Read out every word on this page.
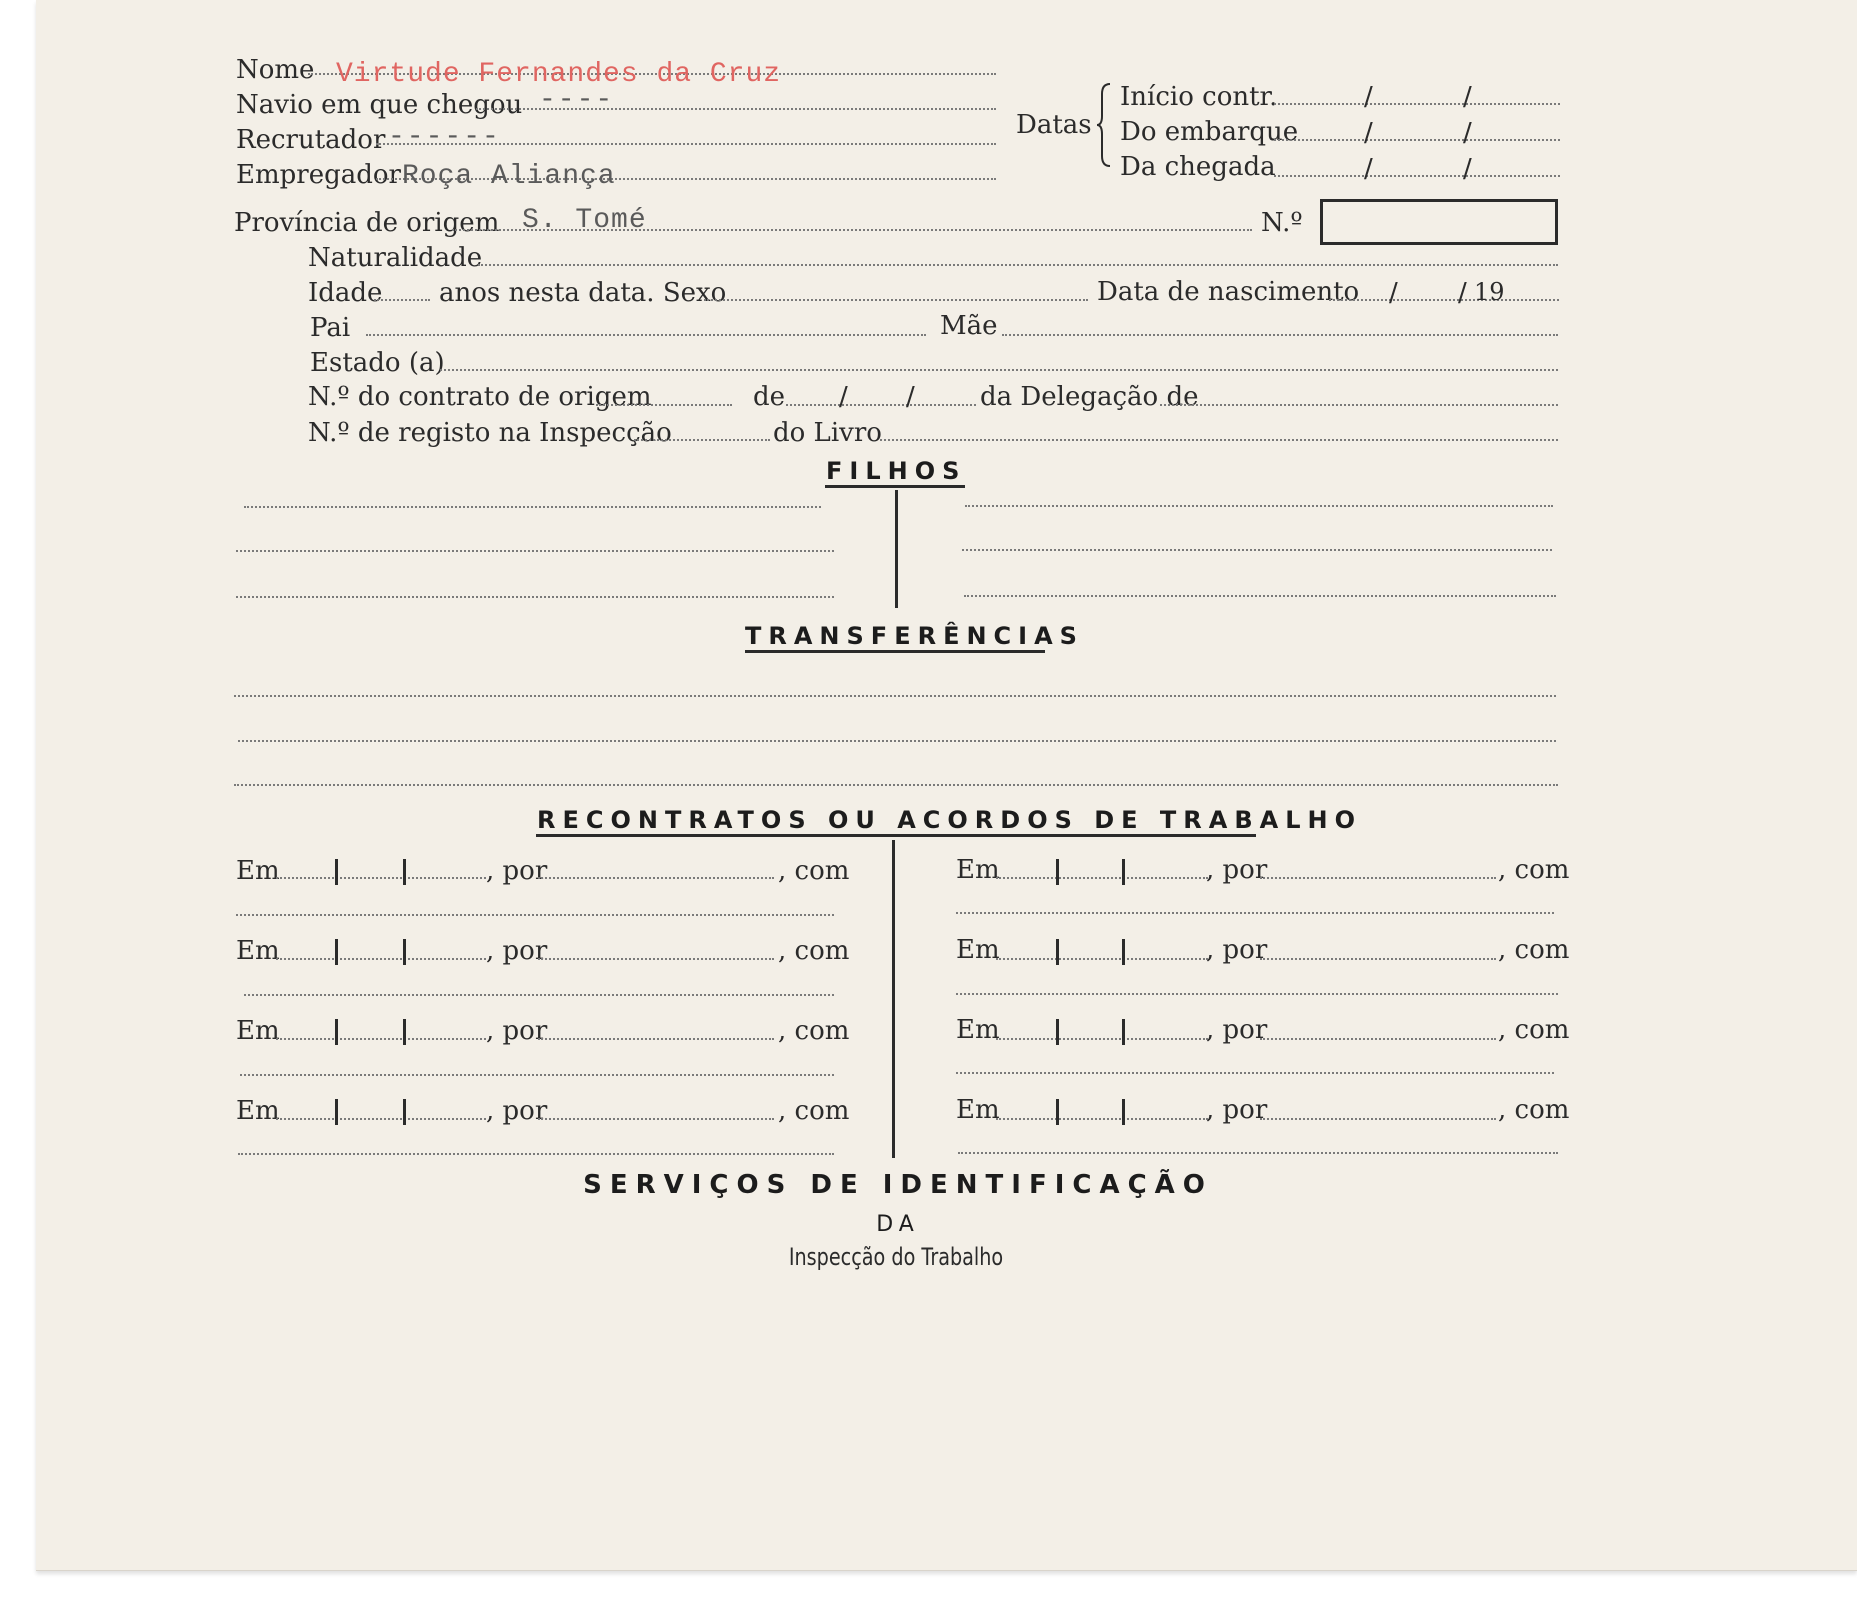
Nome Virtude Fernandes da Cruz
Navio em que chegou ----
Recrutador ------
Empregador Roça Aliança
Datas
Início contr.	/	/
Do embarque	/	/
Da chegada	/	/
Província de origem S. Tomé	N.º
Naturalidade
Idade anos nesta data. Sexo	Data de nascimento / / 19
Pai	Mãe
Estado (a)
N.º do contrato de origem	de / /	da Delegação de
N.º de registo na Inspecção	do Livro
FILHOS
TRANSFERÊNCIAS
RECONTRATOS OU ACORDOS DE TRABALHO
Em	, por	, com
Em	, por	, com
Em	, por	, com
Em	, por	, com
Em	, por	, com
Em	, por	, com
Em	, por	, com
Em	, por	, com
SERVIÇOS DE IDENTIFICAÇÃO
DA
Inspecção do Trabalho
